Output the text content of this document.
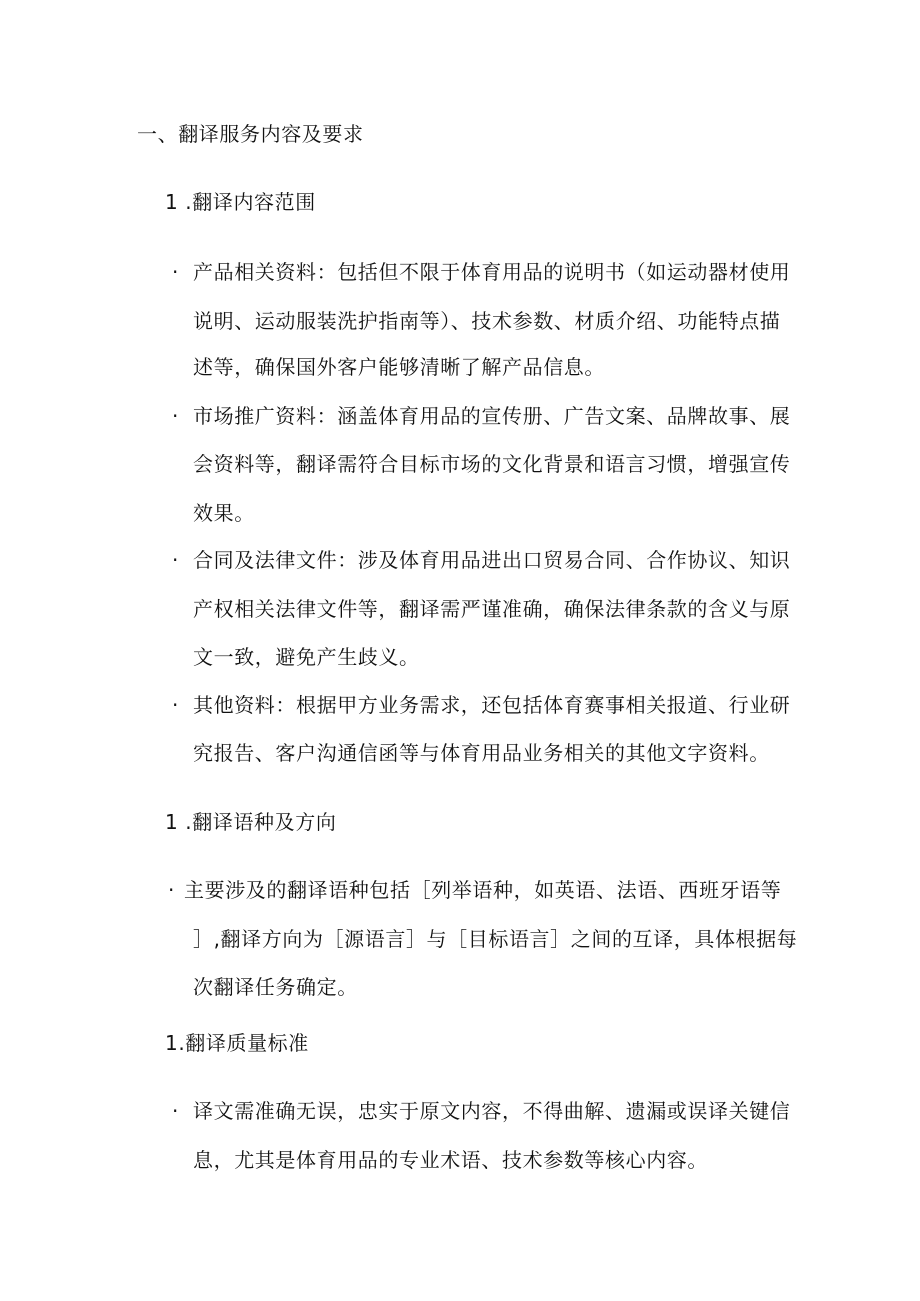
一、翻译服务内容及要求
1 .翻译内容范围
· 产品相关资料：包括但不限于体育用品的说明书（如运动器材使用
说明、运动服装洗护指南等）、技术参数、材质介绍、功能特点描
述等，确保国外客户能够清晰了解产品信息。
· 市场推广资料：涵盖体育用品的宣传册、广告文案、品牌故事、展
会资料等，翻译需符合目标市场的文化背景和语言习惯，增强宣传
效果。
· 合同及法律文件：涉及体育用品进出口贸易合同、合作协议、知识
产权相关法律文件等，翻译需严谨准确，确保法律条款的含义与原
文一致，避免产生歧义。
· 其他资料：根据甲方业务需求，还包括体育赛事相关报道、行业研
究报告、客户沟通信函等与体育用品业务相关的其他文字资料。
1 .翻译语种及方向
· 主要涉及的翻译语种包括［列举语种，如英语、法语、西班牙语等
］,翻译方向为［源语言］与［目标语言］之间的互译，具体根据每
次翻译任务确定。
1.翻译质量标准
· 译文需准确无误，忠实于原文内容，不得曲解、遗漏或误译关键信
息，尤其是体育用品的专业术语、技术参数等核心内容。
